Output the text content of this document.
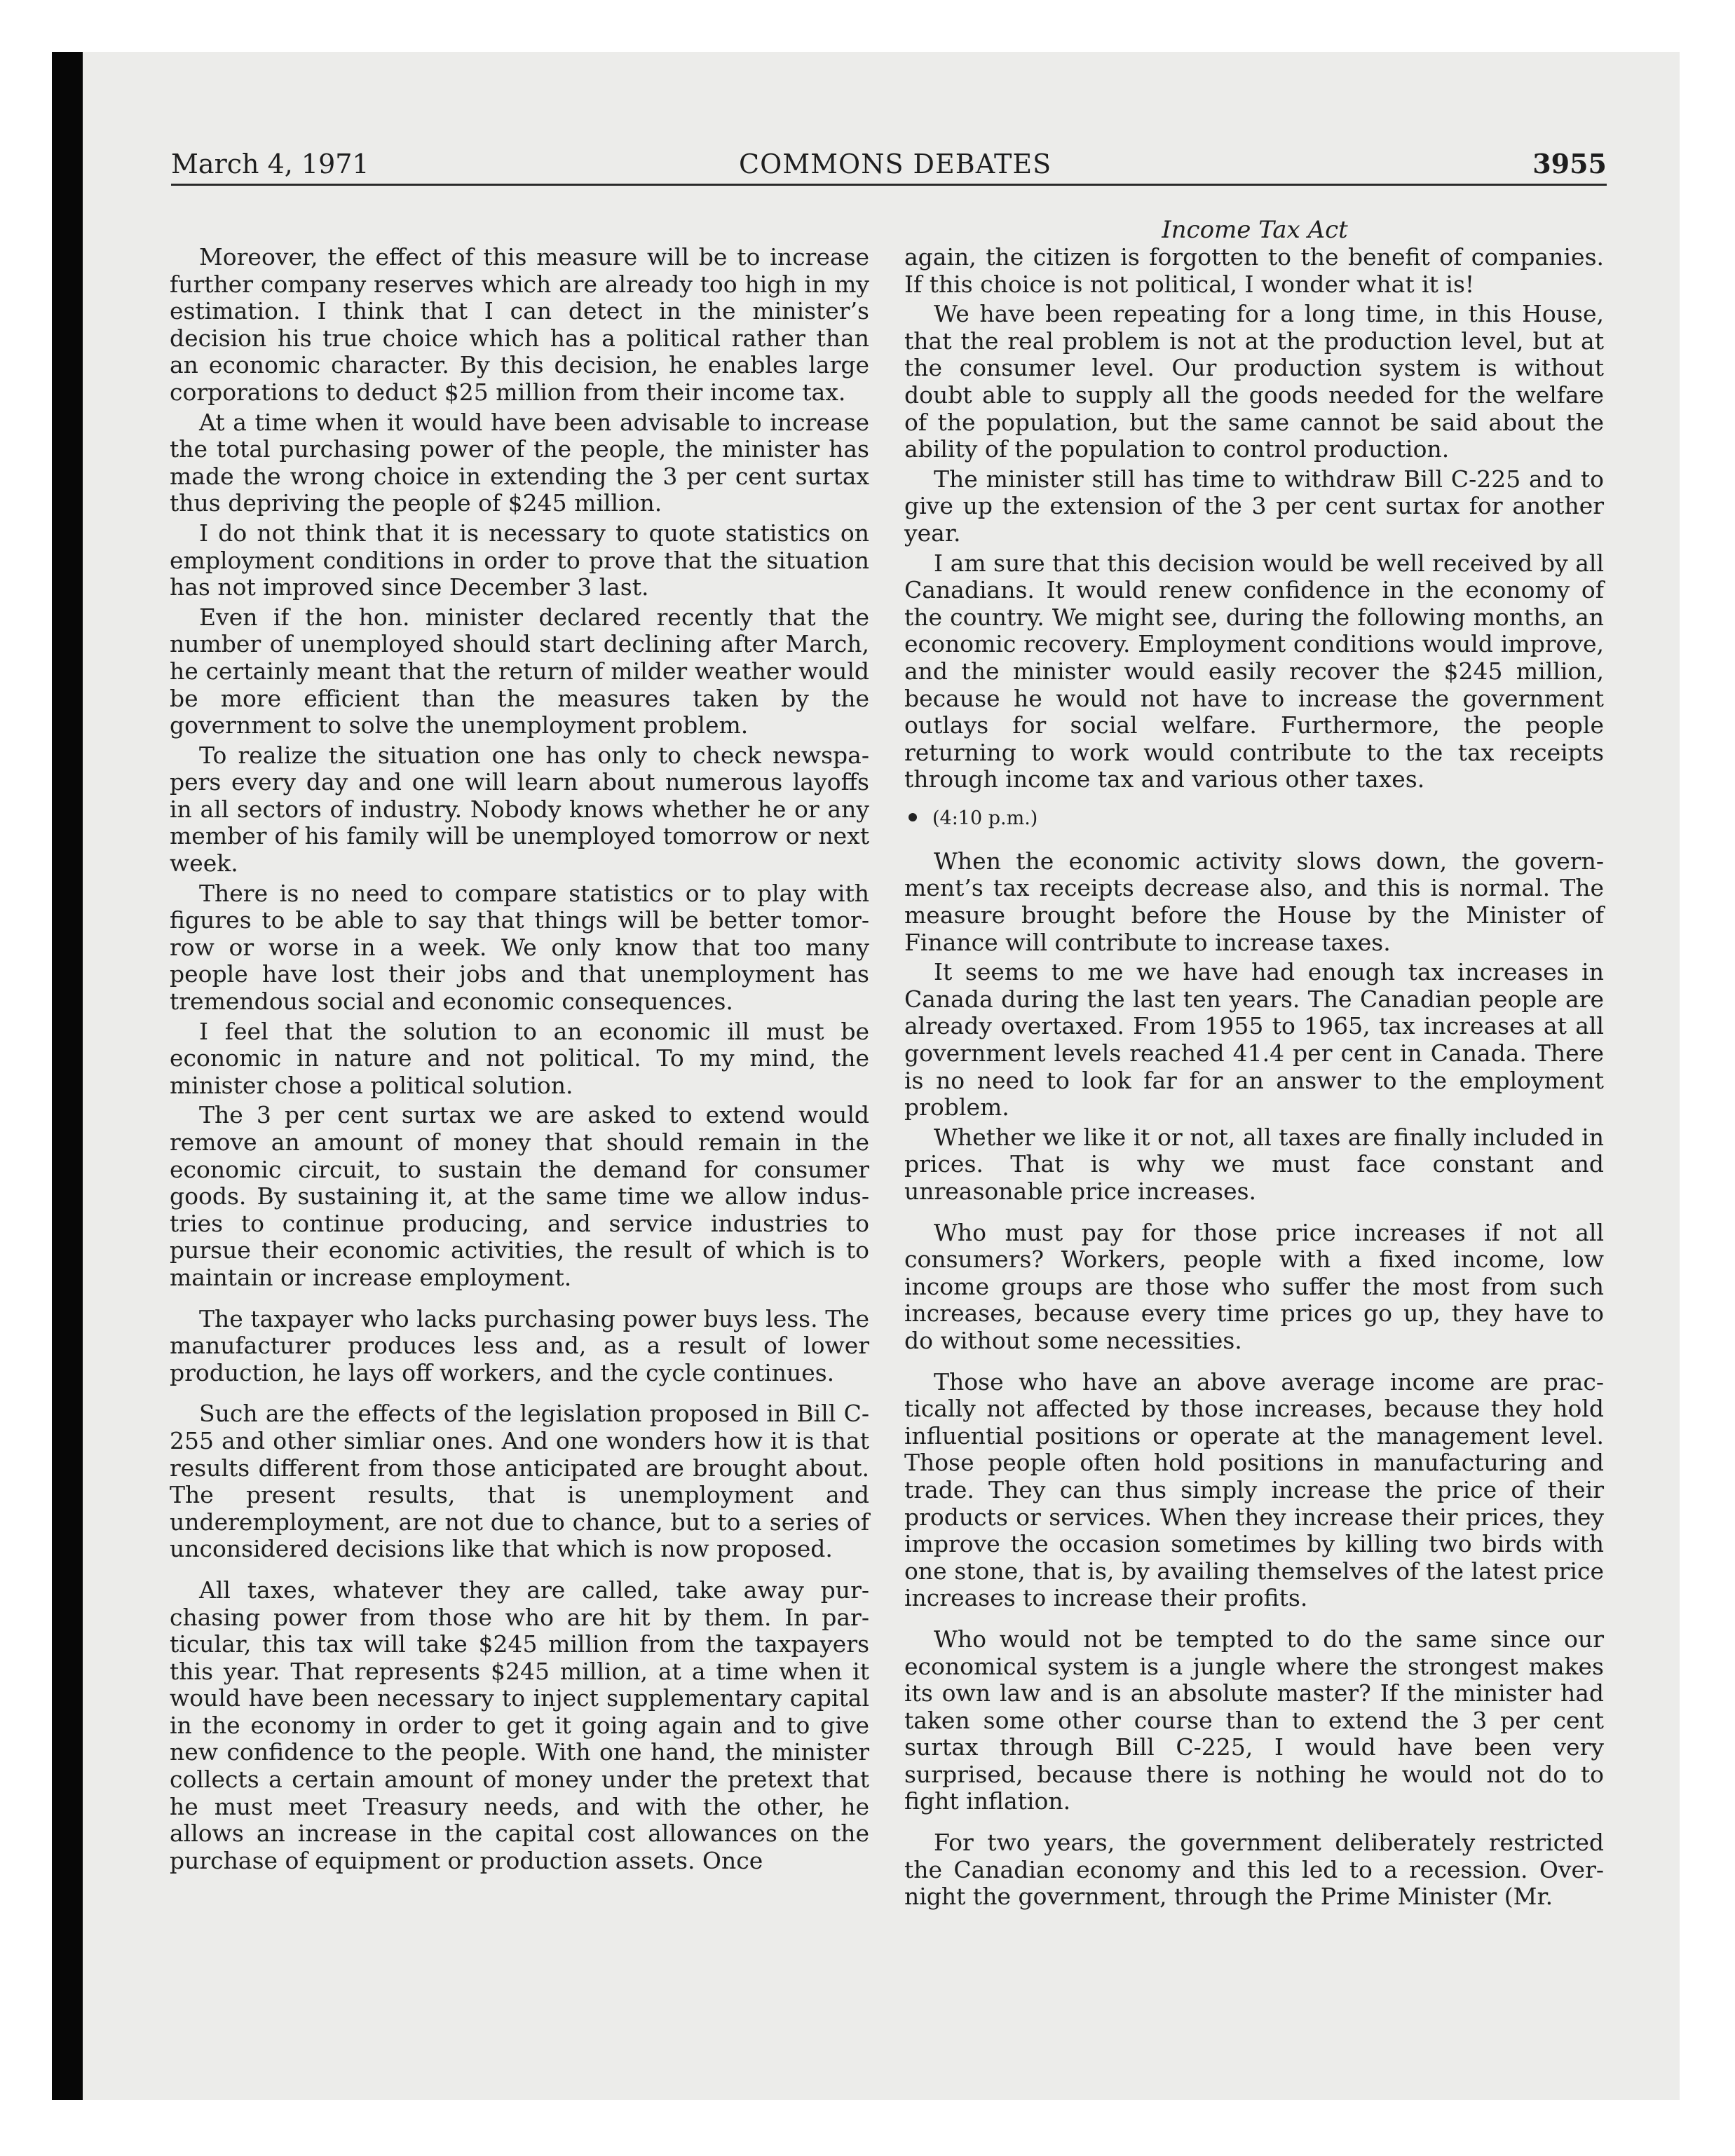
March 4, 1971	COMMONS DEBATES	3955
Income Tax Act

Moreover, the effect of this measure will be to increase further company reserves which are already too high in my estimation. I think that I can detect in the minister’s decision his true choice which has a political rather than an economic character. By this decision, he enables large corporations to deduct $25 million from their income tax.

At a time when it would have been advisable to increase the total purchasing power of the people, the minister has made the wrong choice in extending the 3 per cent surtax thus depriving the people of $245 million.

I do not think that it is necessary to quote statistics on employment conditions in order to prove that the situation has not improved since December 3 last.

Even if the hon. minister declared recently that the number of unemployed should start declining after March, he certainly meant that the return of milder weather would be more efficient than the measures taken by the government to solve the unemployment problem.

To realize the situation one has only to check newspapers every day and one will learn about numerous layoffs in all sectors of industry. Nobody knows whether he or any member of his family will be unemployed tomorrow or next week.

There is no need to compare statistics or to play with figures to be able to say that things will be better tomorrow or worse in a week. We only know that too many people have lost their jobs and that unemployment has tremendous social and economic consequences.

I feel that the solution to an economic ill must be economic in nature and not political. To my mind, the minister chose a political solution.

The 3 per cent surtax we are asked to extend would remove an amount of money that should remain in the economic circuit, to sustain the demand for consumer goods. By sustaining it, at the same time we allow industries to continue producing, and service industries to pursue their economic activities, the result of which is to maintain or increase employment.

The taxpayer who lacks purchasing power buys less. The manufacturer produces less and, as a result of lower production, he lays off workers, and the cycle continues.

Such are the effects of the legislation proposed in Bill C-255 and other simliar ones. And one wonders how it is that results different from those anticipated are brought about. The present results, that is unemployment and underemployment, are not due to chance, but to a series of unconsidered decisions like that which is now proposed.

All taxes, whatever they are called, take away purchasing power from those who are hit by them. In particular, this tax will take $245 million from the taxpayers this year. That represents $245 million, at a time when it would have been necessary to inject supplementary capital in the economy in order to get it going again and to give new confidence to the people. With one hand, the minister collects a certain amount of money under the pretext that he must meet Treasury needs, and with the other, he allows an increase in the capital cost allowances on the purchase of equipment or production assets. Once

again, the citizen is forgotten to the benefit of companies. If this choice is not political, I wonder what it is!

We have been repeating for a long time, in this House, that the real problem is not at the production level, but at the consumer level. Our production system is without doubt able to supply all the goods needed for the welfare of the population, but the same cannot be said about the ability of the population to control production.

The minister still has time to withdraw Bill C-225 and to give up the extension of the 3 per cent surtax for another year.

I am sure that this decision would be well received by all Canadians. It would renew confidence in the economy of the country. We might see, during the following months, an economic recovery. Employment conditions would improve, and the minister would easily recover the $245 million, because he would not have to increase the government outlays for social welfare. Furthermore, the people returning to work would contribute to the tax receipts through income tax and various other taxes.

(4:10 p.m.)

When the economic activity slows down, the government’s tax receipts decrease also, and this is normal. The measure brought before the House by the Minister of Finance will contribute to increase taxes.

It seems to me we have had enough tax increases in Canada during the last ten years. The Canadian people are already overtaxed. From 1955 to 1965, tax increases at all government levels reached 41.4 per cent in Canada. There is no need to look far for an answer to the employment problem.

Whether we like it or not, all taxes are finally included in prices. That is why we must face constant and unreasonable price increases.

Who must pay for those price increases if not all consumers? Workers, people with a fixed income, low income groups are those who suffer the most from such increases, because every time prices go up, they have to do without some necessities.

Those who have an above average income are practically not affected by those increases, because they hold influential positions or operate at the management level. Those people often hold positions in manufacturing and trade. They can thus simply increase the price of their products or services. When they increase their prices, they improve the occasion sometimes by killing two birds with one stone, that is, by availing themselves of the latest price increases to increase their profits.

Who would not be tempted to do the same since our economical system is a jungle where the strongest makes its own law and is an absolute master? If the minister had taken some other course than to extend the 3 per cent surtax through Bill C-225, I would have been very surprised, because there is nothing he would not do to fight inflation.

For two years, the government deliberately restricted the Canadian economy and this led to a recession. Overnight the government, through the Prime Minister (Mr.
